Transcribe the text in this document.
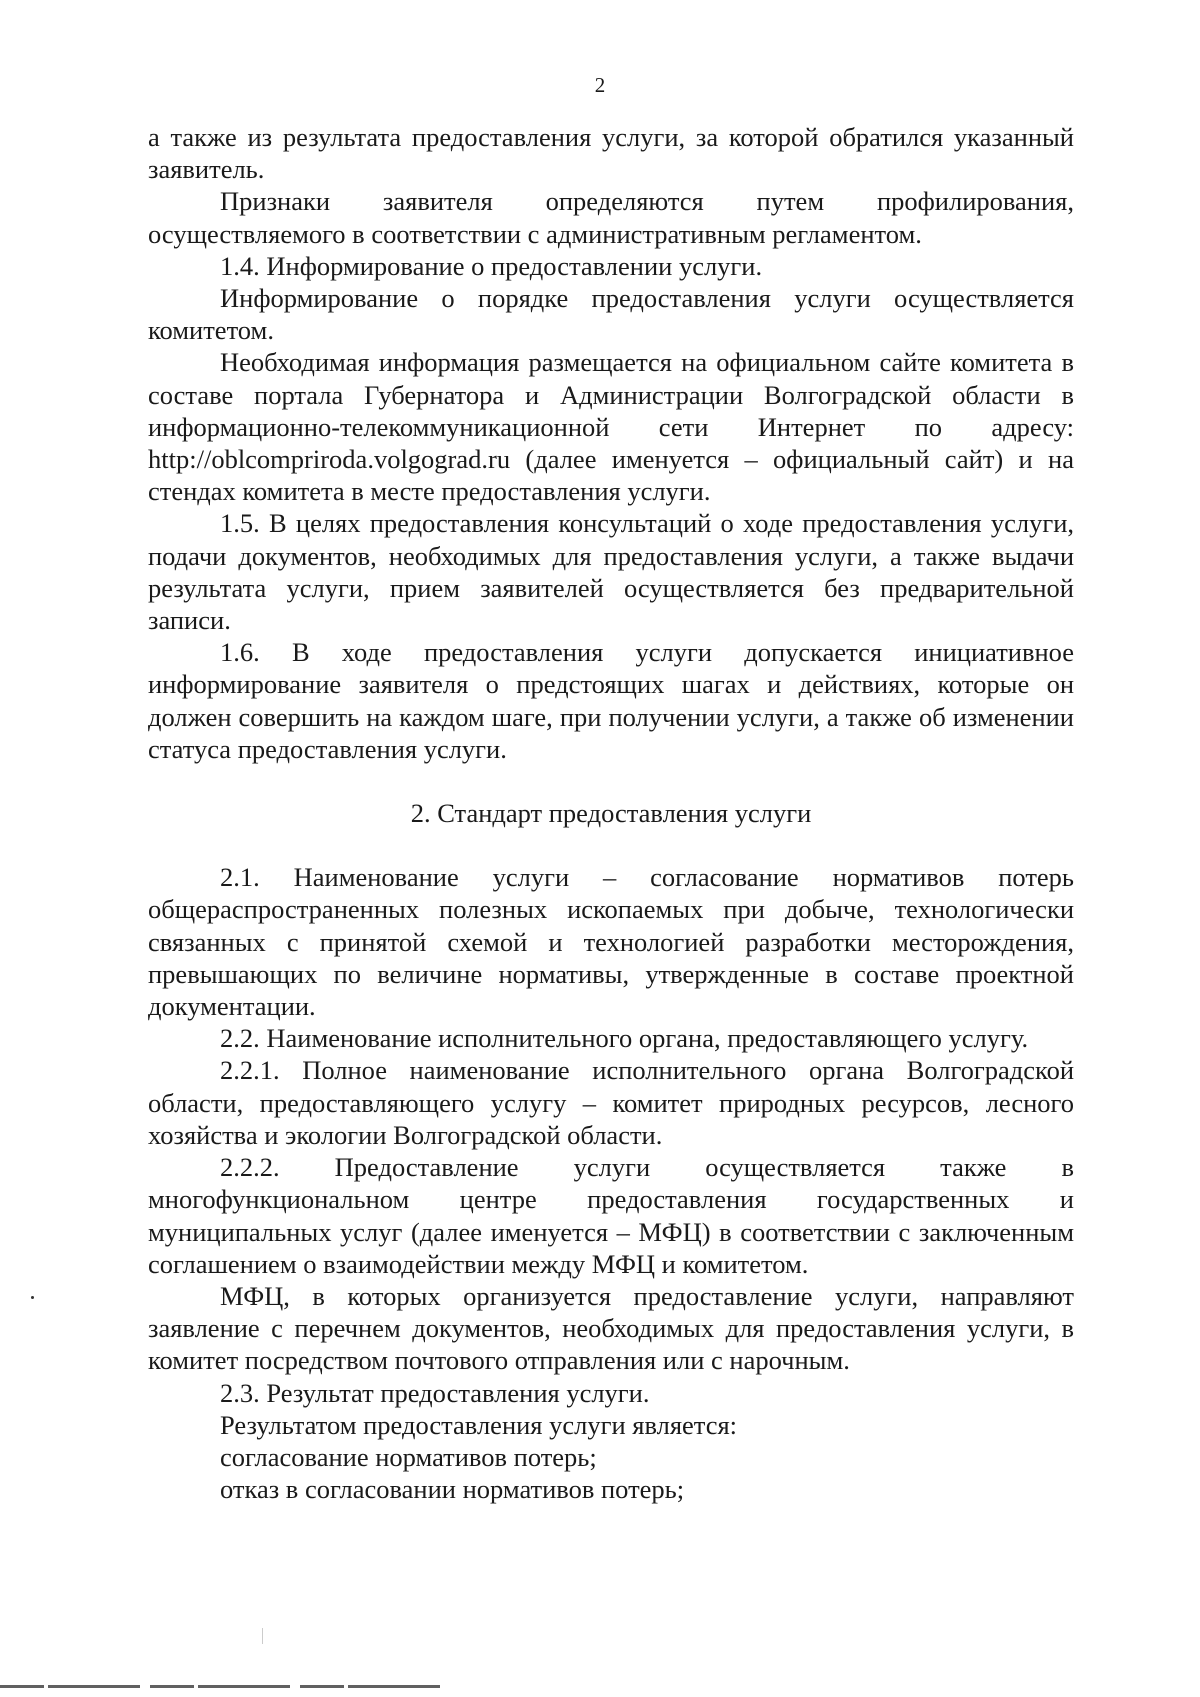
2

а также из результата предоставления услуги, за которой обратился указанный заявитель.

Признаки заявителя определяются путем профилирования, осуществляемого в соответствии с административным регламентом.

1.4. Информирование о предоставлении услуги.

Информирование о порядке предоставления услуги осуществляется комитетом.

Необходимая информация размещается на официальном сайте комитета в составе портала Губернатора и Администрации Волгоградской области в информационно-телекоммуникационной сети Интернет по адресу: http://oblcompriroda.volgograd.ru (далее именуется – официальный сайт) и на стендах комитета в месте предоставления услуги.

1.5. В целях предоставления консультаций о ходе предоставления услуги, подачи документов, необходимых для предоставления услуги, а также выдачи результата услуги, прием заявителей осуществляется без предварительной записи.

1.6. В ходе предоставления услуги допускается инициативное информирование заявителя о предстоящих шагах и действиях, которые он должен совершить на каждом шаге, при получении услуги, а также об изменении статуса предоставления услуги.

2. Стандарт предоставления услуги

2.1. Наименование услуги – согласование нормативов потерь общераспространенных полезных ископаемых при добыче, технологически связанных с принятой схемой и технологией разработки месторождения, превышающих по величине нормативы, утвержденные в составе проектной документации.

2.2. Наименование исполнительного органа, предоставляющего услугу.

2.2.1. Полное наименование исполнительного органа Волгоградской области, предоставляющего услугу – комитет природных ресурсов, лесного хозяйства и экологии Волгоградской области.

2.2.2. Предоставление услуги осуществляется также в многофункциональном центре предоставления государственных и муниципальных услуг (далее именуется – МФЦ) в соответствии с заключенным соглашением о взаимодействии между МФЦ и комитетом.

МФЦ, в которых организуется предоставление услуги, направляют заявление с перечнем документов, необходимых для предоставления услуги, в комитет посредством почтового отправления или с нарочным.

2.3. Результат предоставления услуги.

Результатом предоставления услуги является:

согласование нормативов потерь;

отказ в согласовании нормативов потерь;
